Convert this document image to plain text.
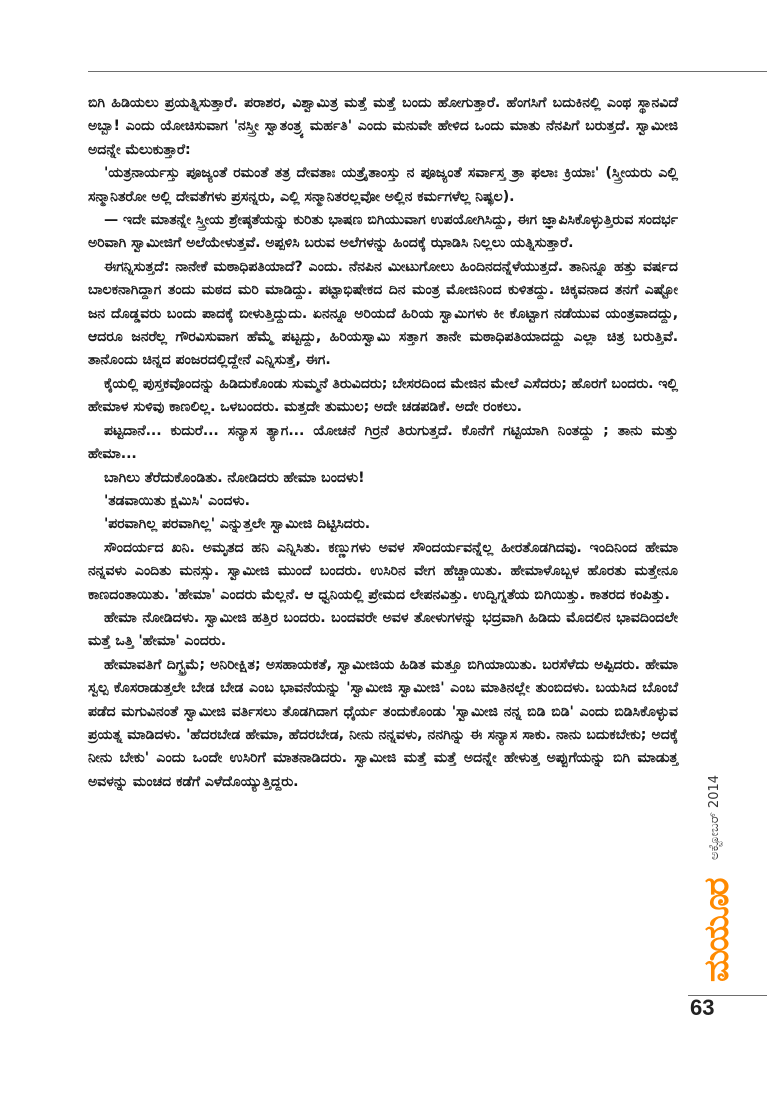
ಬಿಗಿ ಹಿಡಿಯಲು ಪ್ರಯತ್ನಿಸುತ್ತಾರೆ. ಪರಾಶರ, ವಿಶ್ವಾಮಿತ್ರ ಮತ್ತೆ ಮತ್ತೆ ಬಂದು ಹೋಗುತ್ತಾರೆ. ಹೆಂಗಸಿಗೆ ಬದುಕಿನಲ್ಲಿ ಎಂಥ ಸ್ಥಾನವಿದೆ ಅಬ್ಬಾ! ಎಂದು ಯೋಚಿಸುವಾಗ 'ನಸ್ತ್ರೀ ಸ್ವಾತಂತ್ರ್ಯ ಮರ್ಹತಿ' ಎಂದು ಮನುವೇ ಹೇಳಿದ ಒಂದು ಮಾತು ನೆನಪಿಗೆ ಬರುತ್ತದೆ. ಸ್ವಾಮೀಜಿ ಅದನ್ನೇ ಮೆಲುಕುತ್ತಾರೆ:

'ಯತ್ರನಾರ್ಯಸ್ತು ಪೂಜ್ಯಂತೆ ರಮಂತೆ ತತ್ರ ದೇವತಾಃ ಯತ್ರೈತಾಂಸ್ತು ನ ಪೂಜ್ಯಂತೆ ಸರ್ವಾಸ್ತ ತ್ರಾ ಫಲಾಃ ಕ್ರಿಯಾಃ' (ಸ್ತ್ರೀಯರು ಎಲ್ಲಿ ಸನ್ಮಾನಿತರೋ ಅಲ್ಲಿ ದೇವತೆಗಳು ಪ್ರಸನ್ನರು, ಎಲ್ಲಿ ಸನ್ಮಾನಿತರಲ್ಲವೋ ಅಲ್ಲಿನ ಕರ್ಮಗಳೆಲ್ಲ ನಿಷ್ಫಲ).

— ಇದೇ ಮಾತನ್ನೇ ಸ್ತ್ರೀಯ ಶ್ರೇಷ್ಠತೆಯನ್ನು ಕುರಿತು ಭಾಷಣ ಬಿಗಿಯುವಾಗ ಉಪಯೋಗಿಸಿದ್ದು, ಈಗ ಜ್ಞಾಪಿಸಿಕೊಳ್ಳುತ್ತಿರುವ ಸಂದರ್ಭ ಅರಿವಾಗಿ ಸ್ವಾಮೀಜಿಗೆ ಅಲೆಯೇಳುತ್ತವೆ. ಅಪ್ಪಳಿಸಿ ಬರುವ ಅಲೆಗಳನ್ನು ಹಿಂದಕ್ಕೆ ಝಾಡಿಸಿ ನಿಲ್ಲಲು ಯತ್ನಿಸುತ್ತಾರೆ.

ಈಗನ್ನಿಸುತ್ತದೆ: ನಾನೇಕೆ ಮಠಾಧಿಪತಿಯಾದೆ? ಎಂದು. ನೆನಪಿನ ಮೀಟುಗೋಲು ಹಿಂದಿನದನ್ನೆಳೆಯುತ್ತದೆ. ತಾನಿನ್ನೂ ಹತ್ತು ವರ್ಷದ ಬಾಲಕನಾಗಿದ್ದಾಗ ತಂದು ಮಠದ ಮರಿ ಮಾಡಿದ್ದು. ಪಟ್ಟಾಭಿಷೇಕದ ದಿನ ಮಂತ್ರ ಮೋಜಿನಿಂದ ಕುಳಿತದ್ದು. ಚಿಕ್ಕವನಾದ ತನಗೆ ಎಷ್ಟೋ ಜನ ದೊಡ್ಡವರು ಬಂದು ಪಾದಕ್ಕೆ ಬೀಳುತ್ತಿದ್ದುದು. ಏನನ್ನೂ ಅರಿಯದೆ ಹಿರಿಯ ಸ್ವಾಮಿಗಳು ಕೀ ಕೊಟ್ಟಾಗ ನಡೆಯುವ ಯಂತ್ರವಾದದ್ದು, ಆದರೂ ಜನರೆಲ್ಲ ಗೌರವಿಸುವಾಗ ಹೆಮ್ಮೆ ಪಟ್ಟದ್ದು, ಹಿರಿಯಸ್ವಾಮಿ ಸತ್ತಾಗ ತಾನೇ ಮಠಾಧಿಪತಿಯಾದದ್ದು ಎಲ್ಲಾ ಚಿತ್ರ ಬರುತ್ತಿವೆ. ತಾನೊಂದು ಚಿನ್ನದ ಪಂಜರದಲ್ಲಿದ್ದೇನೆ ಎನ್ನಿಸುತ್ತೆ, ಈಗ.

ಕೈಯಲ್ಲಿ ಪುಸ್ತಕವೊಂದನ್ನು ಹಿಡಿದುಕೊಂಡು ಸುಮ್ಮನೆ ತಿರುವಿದರು; ಬೇಸರದಿಂದ ಮೇಜಿನ ಮೇಲೆ ಎಸೆದರು; ಹೊರಗೆ ಬಂದರು. ಇಲ್ಲಿ ಹೇಮಾಳ ಸುಳಿವು ಕಾಣಲಿಲ್ಲ. ಒಳಬಂದರು. ಮತ್ತದೇ ತುಮುಲ; ಅದೇ ಚಡಪಡಿಕೆ. ಅದೇ ರಂಕಲು.

ಪಟ್ಟದಾನೆ... ಕುದುರೆ... ಸನ್ಯಾಸ ತ್ಯಾಗ... ಯೋಚನೆ ಗಿರ್ರನೆ ತಿರುಗುತ್ತದೆ. ಕೊನೆಗೆ ಗಟ್ಟಿಯಾಗಿ ನಿಂತದ್ದು ; ತಾನು ಮತ್ತು ಹೇಮಾ...

ಬಾಗಿಲು ತೆರೆದುಕೊಂಡಿತು. ನೋಡಿದರು ಹೇಮಾ ಬಂದಳು!

'ತಡವಾಯಿತು ಕ್ಷಮಿಸಿ' ಎಂದಳು.

'ಪರವಾಗಿಲ್ಲ ಪರವಾಗಿಲ್ಲ' ಎನ್ನುತ್ತಲೇ ಸ್ವಾಮೀಜಿ ದಿಟ್ಟಿಸಿದರು.

ಸೌಂದರ್ಯದ ಖನಿ. ಅಮೃತದ ಹನಿ ಎನ್ನಿಸಿತು. ಕಣ್ಣುಗಳು ಅವಳ ಸೌಂದರ್ಯವನ್ನೆಲ್ಲ ಹೀರತೊಡಗಿದವು. ಇಂದಿನಿಂದ ಹೇಮಾ ನನ್ನವಳು ಎಂದಿತು ಮನಸ್ಸು. ಸ್ವಾಮೀಜಿ ಮುಂದೆ ಬಂದರು. ಉಸಿರಿನ ವೇಗ ಹೆಚ್ಚಾಯಿತು. ಹೇಮಾಳೊಬ್ಬಳ ಹೊರತು ಮತ್ತೇನೂ ಕಾಣದಂತಾಯಿತು. 'ಹೇಮಾ' ಎಂದರು ಮೆಲ್ಲನೆ. ಆ ಧ್ವನಿಯಲ್ಲಿ ಪ್ರೇಮದ ಲೇಪನವಿತ್ತು. ಉದ್ವಿಗ್ನತೆಯ ಬಿಗಿಯಿತ್ತು. ಕಾತರದ ಕಂಪಿತ್ತು.

ಹೇಮಾ ನೋಡಿದಳು. ಸ್ವಾಮೀಜಿ ಹತ್ತಿರ ಬಂದರು. ಬಂದವರೇ ಅವಳ ತೋಳುಗಳನ್ನು ಭದ್ರವಾಗಿ ಹಿಡಿದು ಮೊದಲಿನ ಭಾವದಿಂದಲೇ ಮತ್ತೆ ಒತ್ತಿ 'ಹೇಮಾ' ಎಂದರು.

ಹೇಮಾವತಿಗೆ ದಿಗ್ಭ್ರಮೆ; ಅನಿರೀಕ್ಷಿತ; ಅಸಹಾಯಕತೆ, ಸ್ವಾಮೀಜಿಯ ಹಿಡಿತ ಮತ್ತೂ ಬಿಗಿಯಾಯಿತು. ಬರಸೆಳೆದು ಅಪ್ಪಿದರು. ಹೇಮಾ ಸ್ವಲ್ಪ ಕೊಸರಾಡುತ್ತಲೇ ಬೇಡ ಬೇಡ ಎಂಬ ಭಾವನೆಯನ್ನು 'ಸ್ವಾಮೀಜಿ ಸ್ವಾಮೀಜಿ' ಎಂಬ ಮಾತಿನಲ್ಲೇ ತುಂಬಿದಳು. ಬಯಸಿದ ಬೊಂಬೆ ಪಡೆದ ಮಗುವಿನಂತೆ ಸ್ವಾಮೀಜಿ ವರ್ತಿಸಲು ತೊಡಗಿದಾಗ ಧೈರ್ಯ ತಂದುಕೊಂಡು 'ಸ್ವಾಮೀಜಿ ನನ್ನ ಬಿಡಿ ಬಿಡಿ' ಎಂದು ಬಿಡಿಸಿಕೊಳ್ಳುವ ಪ್ರಯತ್ನ ಮಾಡಿದಳು. 'ಹೆದರಬೇಡ ಹೇಮಾ, ಹೆದರಬೇಡ, ನೀನು ನನ್ನವಳು, ನನಗಿನ್ನು ಈ ಸನ್ಯಾಸ ಸಾಕು. ನಾನು ಬದುಕಬೇಕು; ಅದಕ್ಕೆ ನೀನು ಬೇಕು' ಎಂದು ಒಂದೇ ಉಸಿರಿಗೆ ಮಾತನಾಡಿದರು. ಸ್ವಾಮೀಜಿ ಮತ್ತೆ ಮತ್ತೆ ಅದನ್ನೇ ಹೇಳುತ್ತ ಅಪ್ಪುಗೆಯನ್ನು ಬಿಗಿ ಮಾಡುತ್ತ ಅವಳನ್ನು ಮಂಚದ ಕಡೆಗೆ ಎಳೆದೊಯ್ಯುತ್ತಿದ್ದರು.	ಅಕ್ಟೋಬರ್ 2014
ಮಯೂರ
63
